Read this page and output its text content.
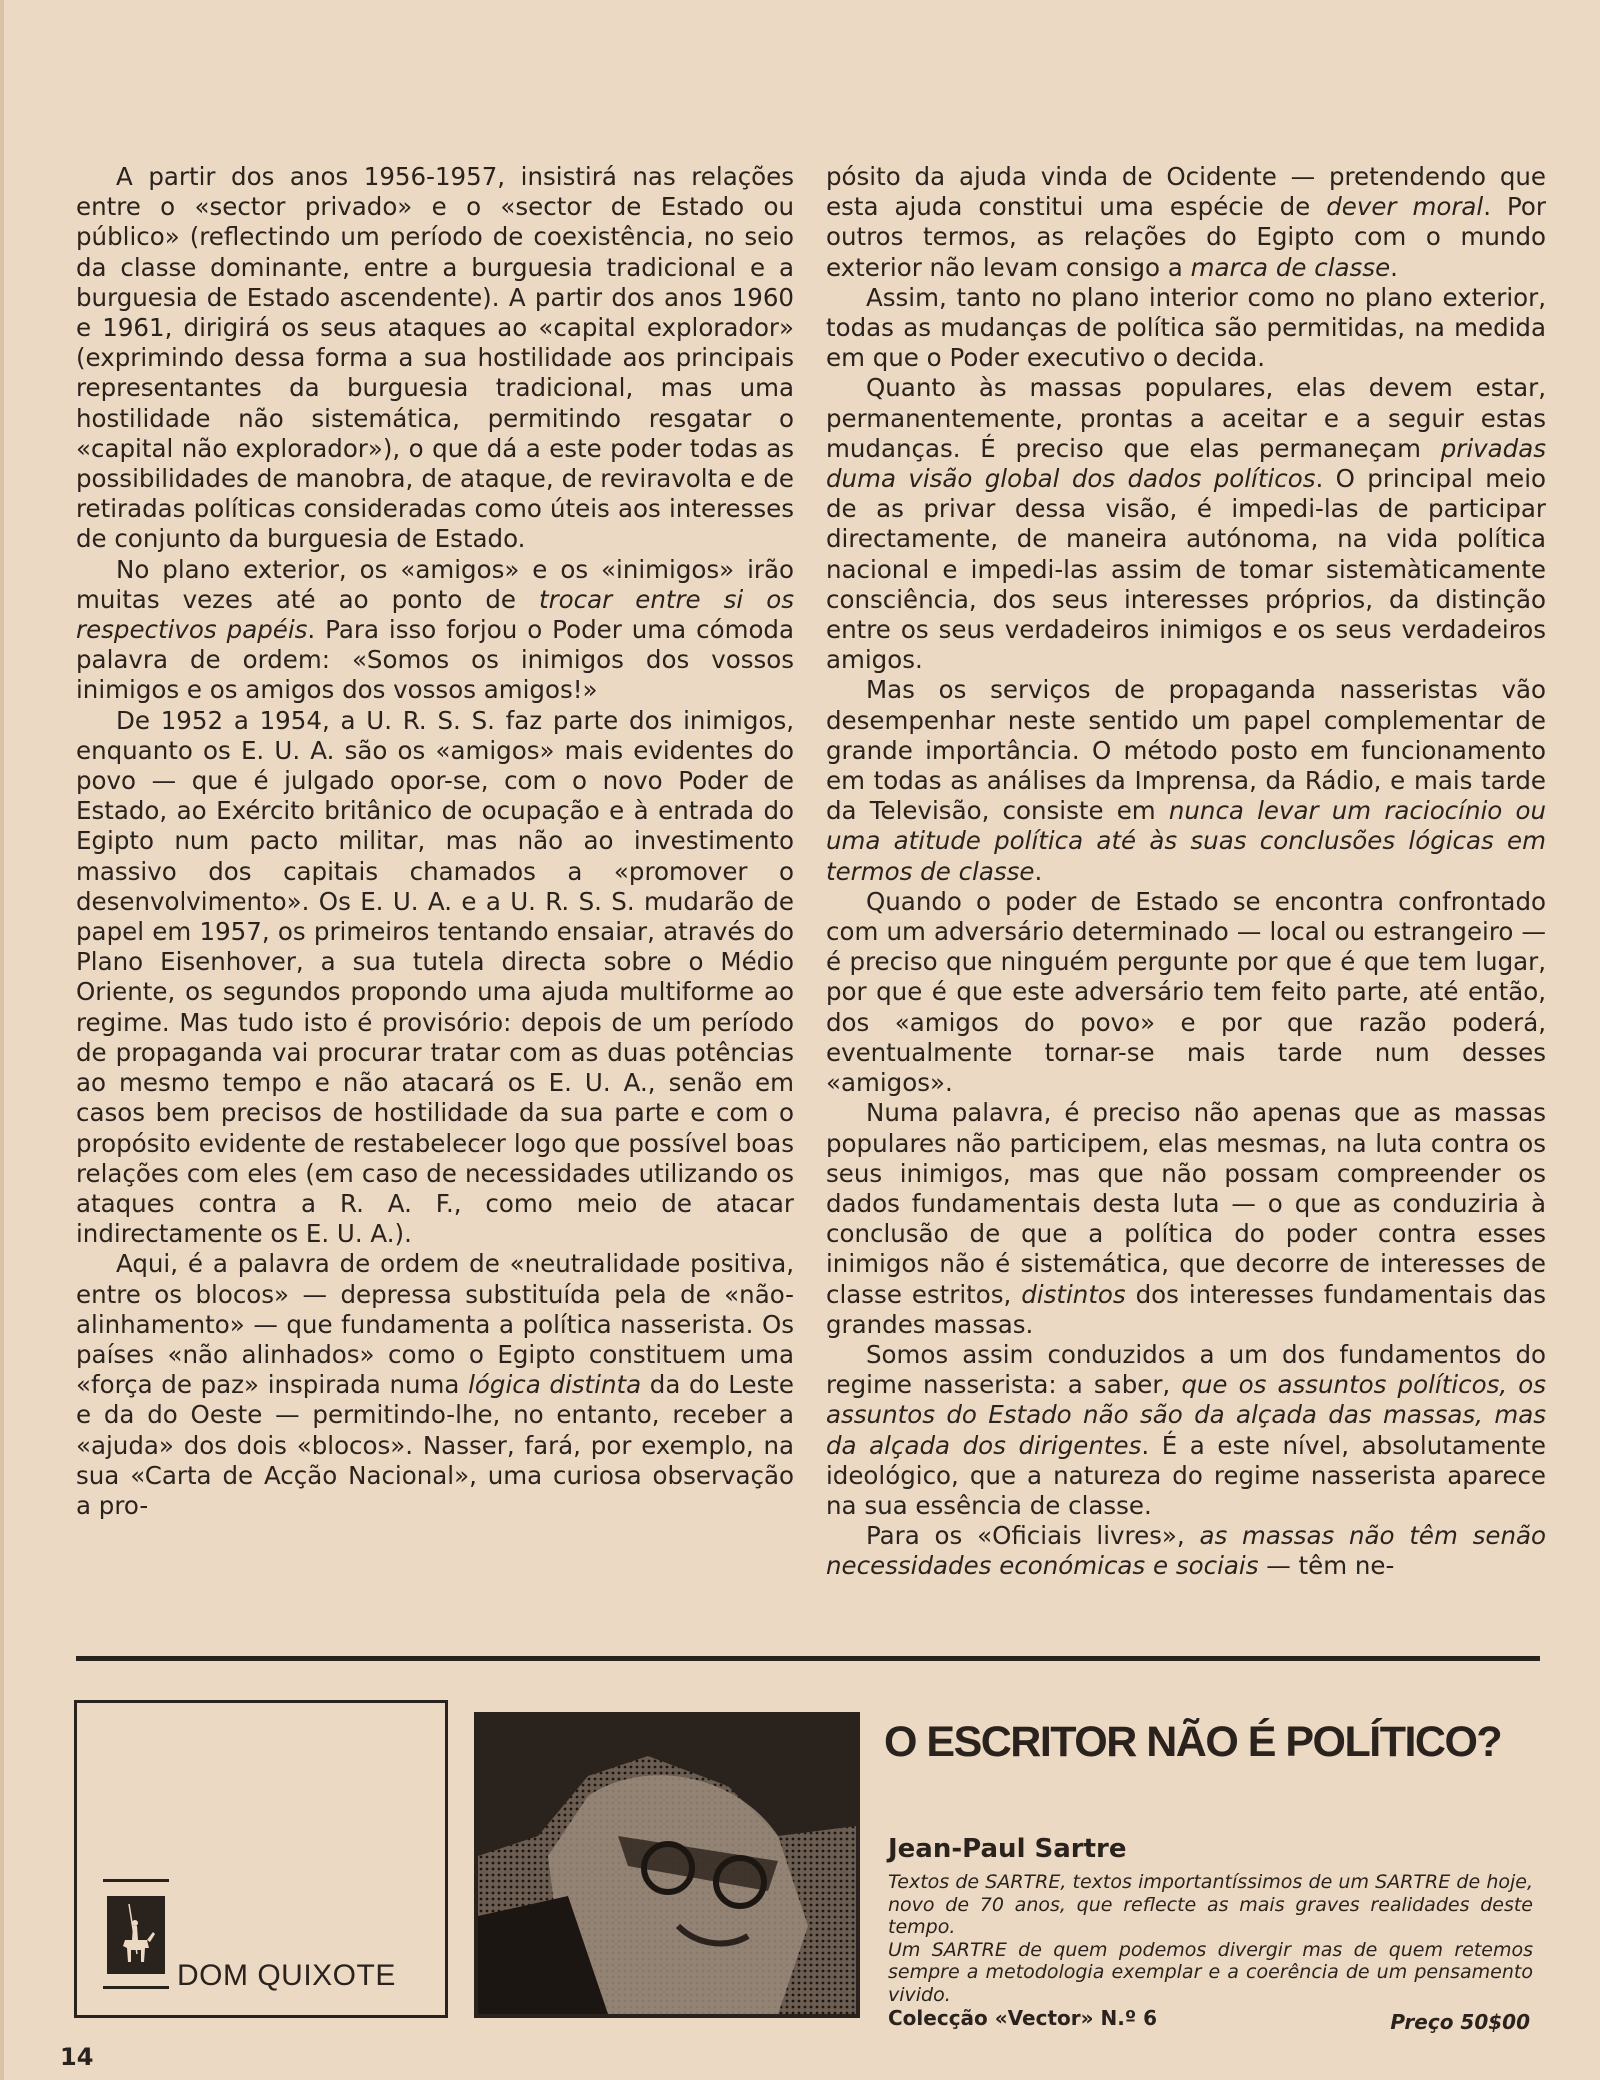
A partir dos anos 1956-1957, insistirá nas relações entre o «sector privado» e o «sector de Estado ou público» (reflectindo um período de coexistência, no seio da classe dominante, entre a burguesia tradicional e a burguesia de Estado ascendente). A partir dos anos 1960 e 1961, dirigirá os seus ataques ao «capital explorador» (exprimindo dessa forma a sua hostilidade aos principais representantes da burguesia tradicional, mas uma hostilidade não sistemática, permitindo resgatar o «capital não explorador»), o que dá a este poder todas as possibilidades de manobra, de ataque, de reviravolta e de retiradas políticas consideradas como úteis aos interesses de conjunto da burguesia de Estado.

No plano exterior, os «amigos» e os «inimigos» irão muitas vezes até ao ponto de trocar entre si os respectivos papéis. Para isso forjou o Poder uma cómoda palavra de ordem: «Somos os inimigos dos vossos inimigos e os amigos dos vossos amigos!»

De 1952 a 1954, a U. R. S. S. faz parte dos inimigos, enquanto os E. U. A. são os «amigos» mais evidentes do povo — que é julgado opor-se, com o novo Poder de Estado, ao Exército britânico de ocupação e à entrada do Egipto num pacto militar, mas não ao investimento massivo dos capitais chamados a «promover o desenvolvimento». Os E. U. A. e a U. R. S. S. mudarão de papel em 1957, os primeiros tentando ensaiar, através do Plano Eisenhover, a sua tutela directa sobre o Médio Oriente, os segundos propondo uma ajuda multiforme ao regime. Mas tudo isto é provisório: depois de um período de propaganda vai procurar tratar com as duas potências ao mesmo tempo e não atacará os E. U. A., senão em casos bem precisos de hostilidade da sua parte e com o propósito evidente de restabelecer logo que possível boas relações com eles (em caso de necessidades utilizando os ataques contra a R. A. F., como meio de atacar indirectamente os E. U. A.).

Aqui, é a palavra de ordem de «neutralidade positiva, entre os blocos» — depressa substituída pela de «não-alinhamento» — que fundamenta a política nasserista. Os países «não alinhados» como o Egipto constituem uma «força de paz» inspirada numa lógica distinta da do Leste e da do Oeste — permitindo-lhe, no entanto, receber a «ajuda» dos dois «blocos». Nasser, fará, por exemplo, na sua «Carta de Acção Nacional», uma curiosa observação a pro-

pósito da ajuda vinda de Ocidente — pretendendo que esta ajuda constitui uma espécie de dever moral. Por outros termos, as relações do Egipto com o mundo exterior não levam consigo a marca de classe.

Assim, tanto no plano interior como no plano exterior, todas as mudanças de política são permitidas, na medida em que o Poder executivo o decida.

Quanto às massas populares, elas devem estar, permanentemente, prontas a aceitar e a seguir estas mudanças. É preciso que elas permaneçam privadas duma visão global dos dados políticos. O principal meio de as privar dessa visão, é impedi-las de participar directamente, de maneira autónoma, na vida política nacional e impedi-las assim de tomar sistemàticamente consciência, dos seus interesses próprios, da distinção entre os seus verdadeiros inimigos e os seus verdadeiros amigos.

Mas os serviços de propaganda nasseristas vão desempenhar neste sentido um papel complementar de grande importância. O método posto em funcionamento em todas as análises da Imprensa, da Rádio, e mais tarde da Televisão, consiste em nunca levar um raciocínio ou uma atitude política até às suas conclusões lógicas em termos de classe.

Quando o poder de Estado se encontra confrontado com um adversário determinado — local ou estrangeiro — é preciso que ninguém pergunte por que é que tem lugar, por que é que este adversário tem feito parte, até então, dos «amigos do povo» e por que razão poderá, eventualmente tornar-se mais tarde num desses «amigos».

Numa palavra, é preciso não apenas que as massas populares não participem, elas mesmas, na luta contra os seus inimigos, mas que não possam compreender os dados fundamentais desta luta — o que as conduziria à conclusão de que a política do poder contra esses inimigos não é sistemática, que decorre de interesses de classe estritos, distintos dos interesses fundamentais das grandes massas.

Somos assim conduzidos a um dos fundamentos do regime nasserista: a saber, que os assuntos políticos, os assuntos do Estado não são da alçada das massas, mas da alçada dos dirigentes. É a este nível, absolutamente ideológico, que a natureza do regime nasserista aparece na sua essência de classe.

Para os «Oficiais livres», as massas não têm senão necessidades económicas e sociais — têm ne-

DOM QUIXOTE
O ESCRITOR NÃO É POLÍTICO?
Jean-Paul Sartre
Textos de SARTRE, textos importantíssimos de um SARTRE de hoje, novo de 70 anos, que reflecte as mais graves realidades deste tempo.
Um SARTRE de quem podemos divergir mas de quem retemos sempre a metodologia exemplar e a coerência de um pensamento vivido.
Colecção «Vector» N.º 6	Preço 50$00
14
